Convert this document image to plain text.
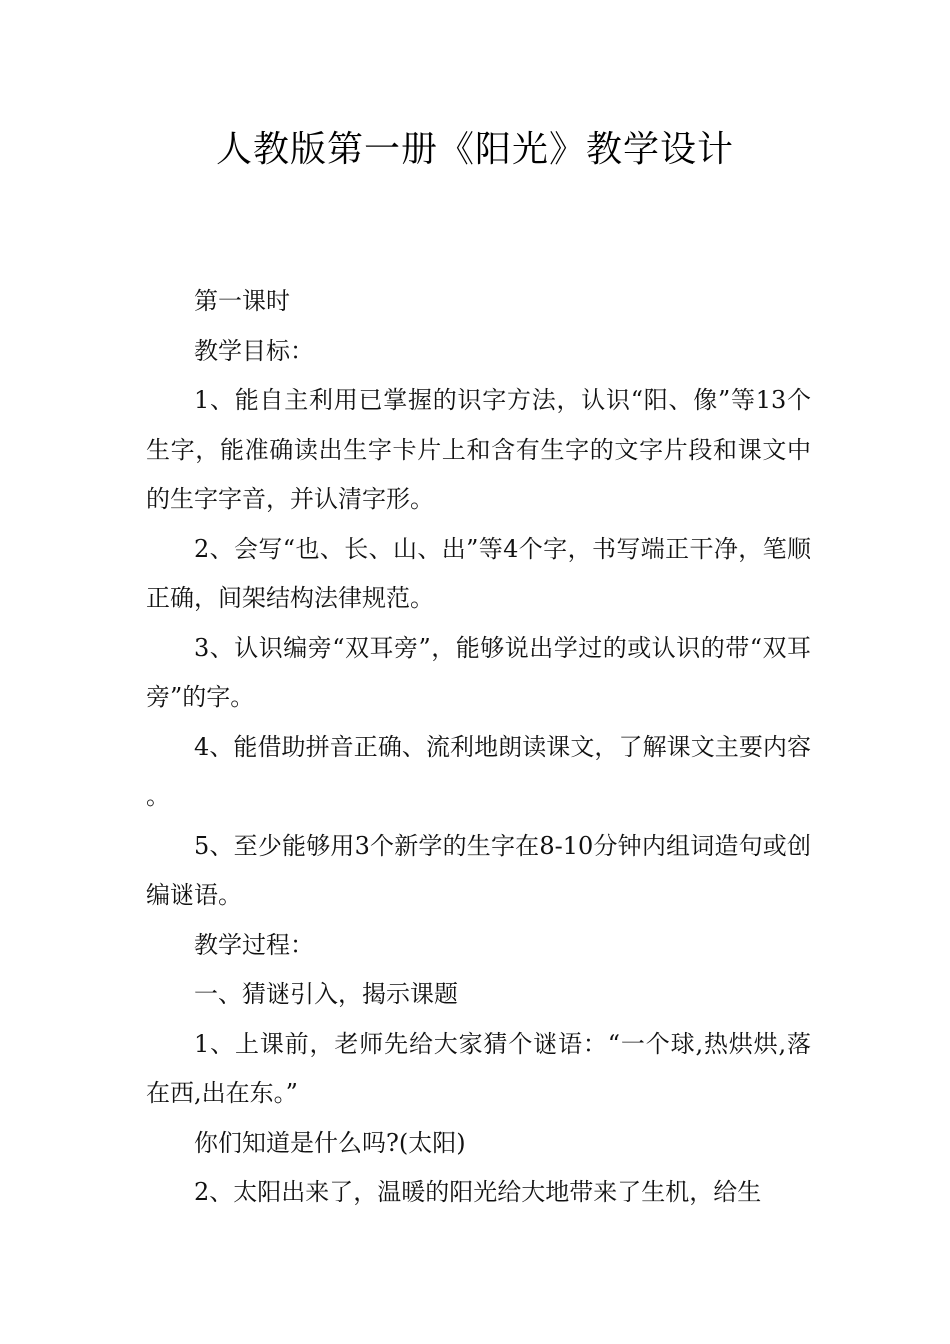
人教版第一册《阳光》教学设计

第一课时

教学目标：

1、能自主利用已掌握的识字方法，认识“阳、像”等13个生字，能准确读出生字卡片上和含有生字的文字片段和课文中的生字字音，并认清字形。

2、会写“也、长、山、出”等4个字，书写端正干净，笔顺正确，间架结构法律规范。

3、认识编旁“双耳旁”，能够说出学过的或认识的带“双耳旁”的字。

4、能借助拼音正确、流利地朗读课文，了解课文主要内容。

5、至少能够用3个新学的生字在8-10分钟内组词造句或创编谜语。

教学过程：

一、猜谜引入，揭示课题

1、上课前，老师先给大家猜个谜语：“一个球,热烘烘,落在西,出在东。”

你们知道是什么吗?(太阳)

2、太阳出来了，温暖的阳光给大地带来了生机，给生
